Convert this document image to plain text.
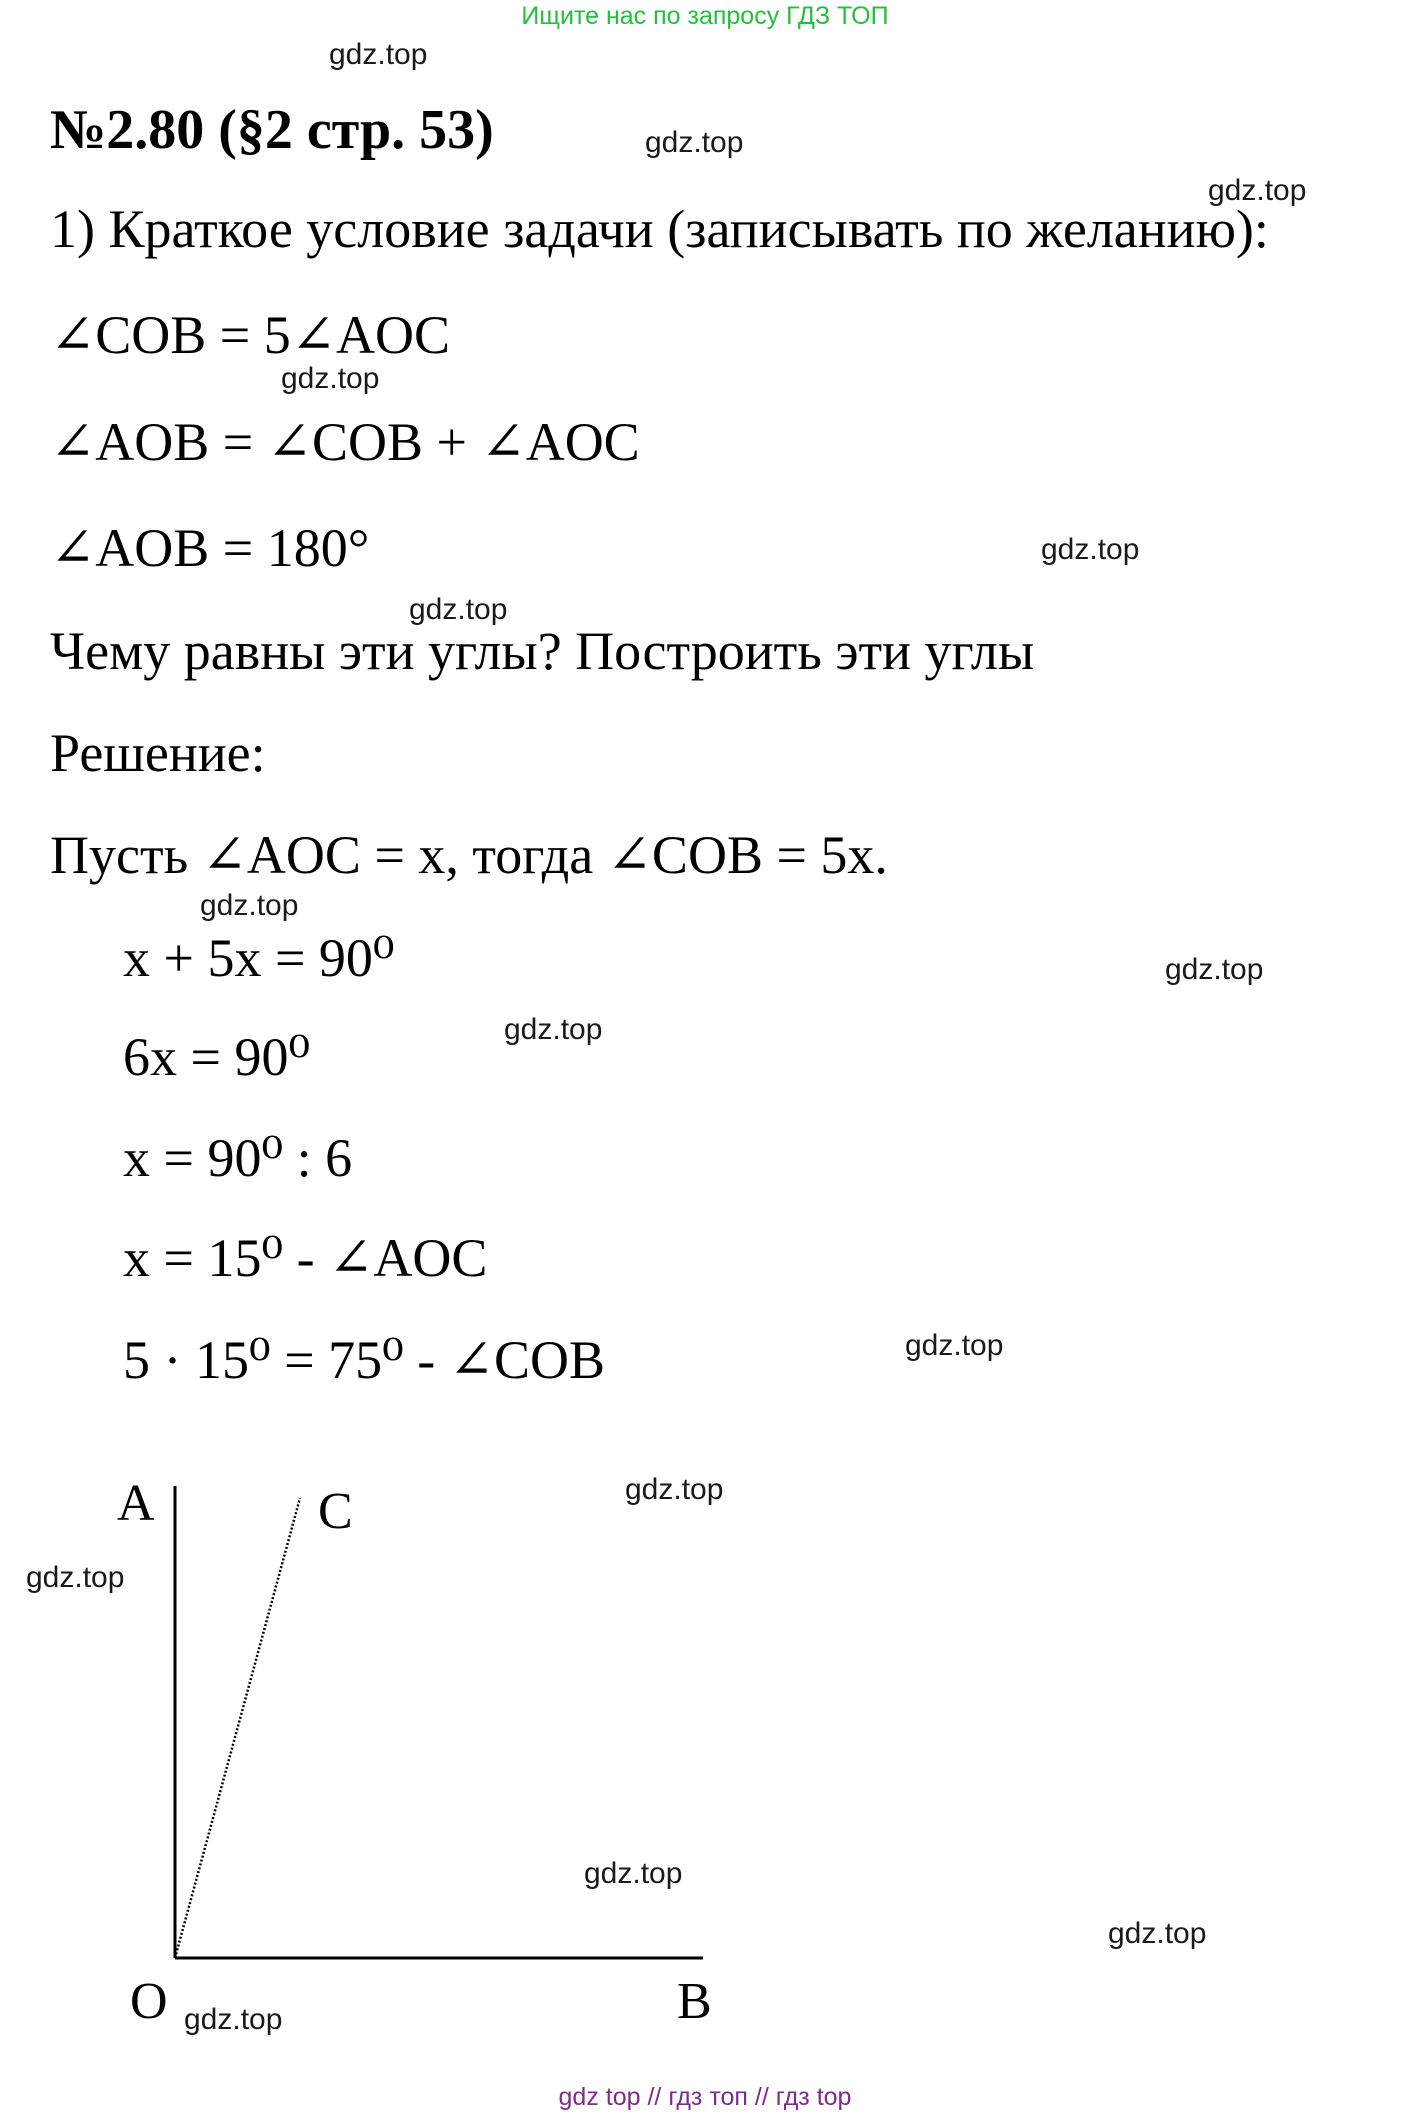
Ищите нас по запросу ГДЗ ТОП
№2.80 (§2 стр. 53)
1) Краткое условие задачи (записывать по желанию):
∠COB = 5∠AOC
∠AOB = ∠COB + ∠AOC
∠AOB = 180°
Чему равны эти углы? Построить эти углы
Решение:
Пусть ∠AOC = x, тогда ∠COB = 5x.
x + 5x = 90⁰
6x = 90⁰
x = 90⁰ : 6
x = 15⁰ - ∠AOC
5 · 15⁰ = 75⁰ - ∠COB
A	C
O	B
gdz.top
gdz.top
gdz.top
gdz.top
gdz.top
gdz.top
gdz.top
gdz.top
gdz.top
gdz.top
gdz.top
gdz.top
gdz.top
gdz.top
gdz.top
gdz top // гдз топ // гдз top
